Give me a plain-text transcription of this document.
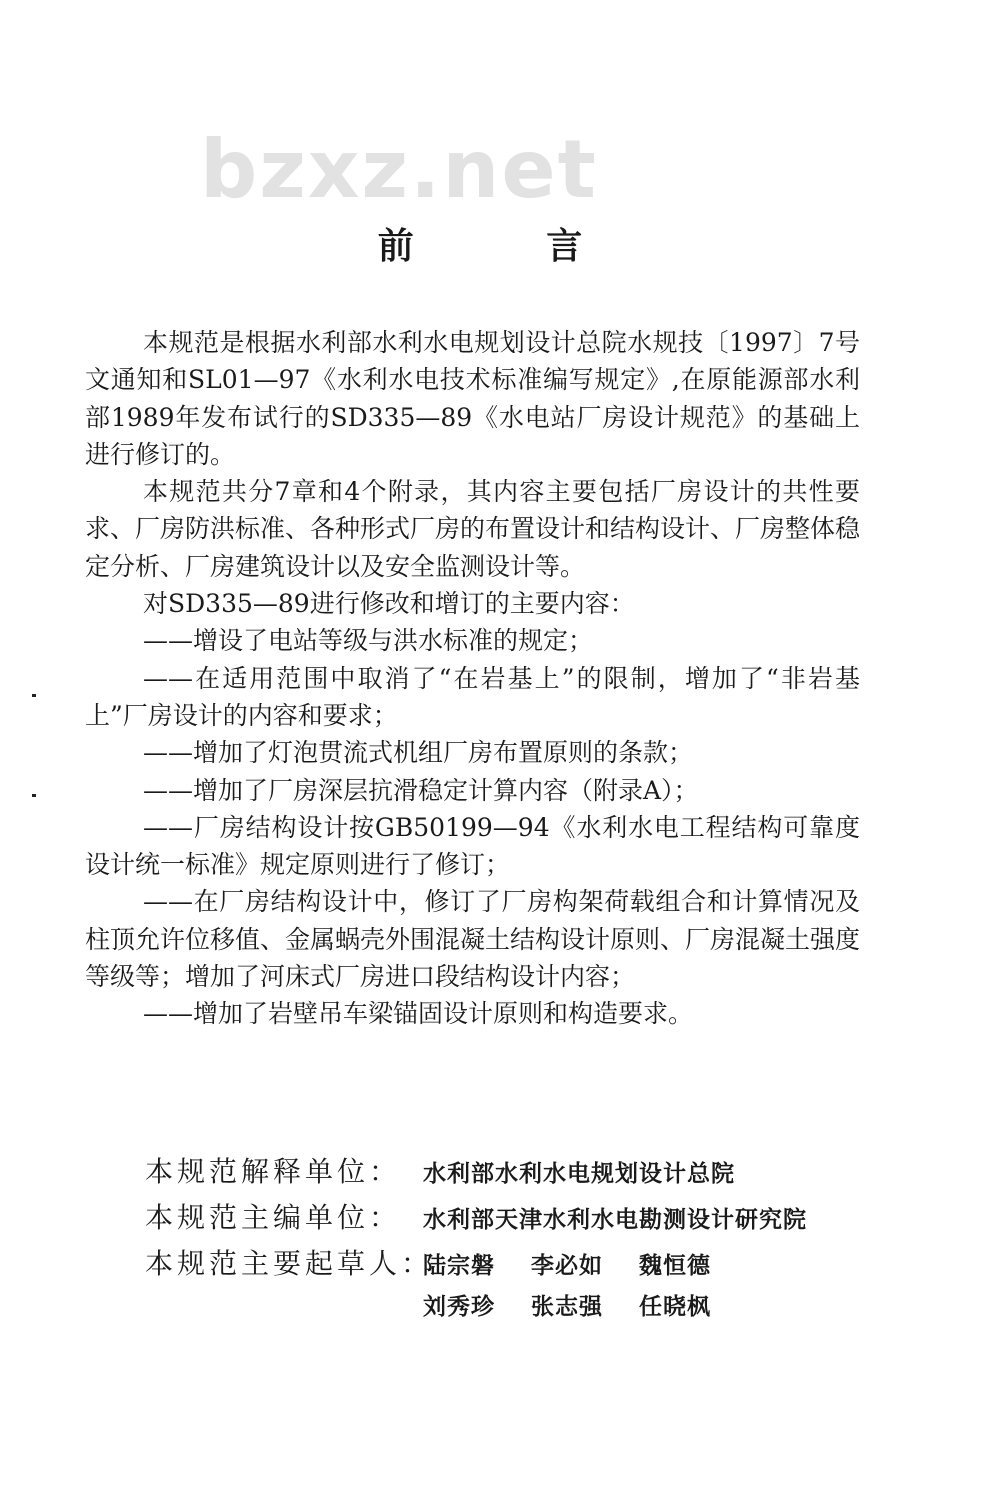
bzxz.net
前 言

本规范是根据水利部水利水电规划设计总院水规技〔1997〕7号文通知和SL01—97《水利水电技术标准编写规定》,在原能源部水利部1989年发布试行的SD335—89《水电站厂房设计规范》的基础上进行修订的。

本规范共分7章和4个附录，其内容主要包括厂房设计的共性要求、厂房防洪标准、各种形式厂房的布置设计和结构设计、厂房整体稳定分析、厂房建筑设计以及安全监测设计等。

对SD335—89进行修改和增订的主要内容：

——增设了电站等级与洪水标准的规定；

——在适用范围中取消了“在岩基上”的限制，增加了“非岩基上”厂房设计的内容和要求；

——增加了灯泡贯流式机组厂房布置原则的条款；

——增加了厂房深层抗滑稳定计算内容（附录A）；

——厂房结构设计按GB50199—94《水利水电工程结构可靠度设计统一标准》规定原则进行了修订；

——在厂房结构设计中，修订了厂房构架荷载组合和计算情况及柱顶允许位移值、金属蜗壳外围混凝土结构设计原则、厂房混凝土强度等级等；增加了河床式厂房进口段结构设计内容；

——增加了岩壁吊车梁锚固设计原则和构造要求。

本规范解释单位： 水利部水利水电规划设计总院
本规范主编单位： 水利部天津水利水电勘测设计研究院
本规范主要起草人：
陆宗磐	李必如	魏恒德
刘秀珍	张志强	任晓枫
